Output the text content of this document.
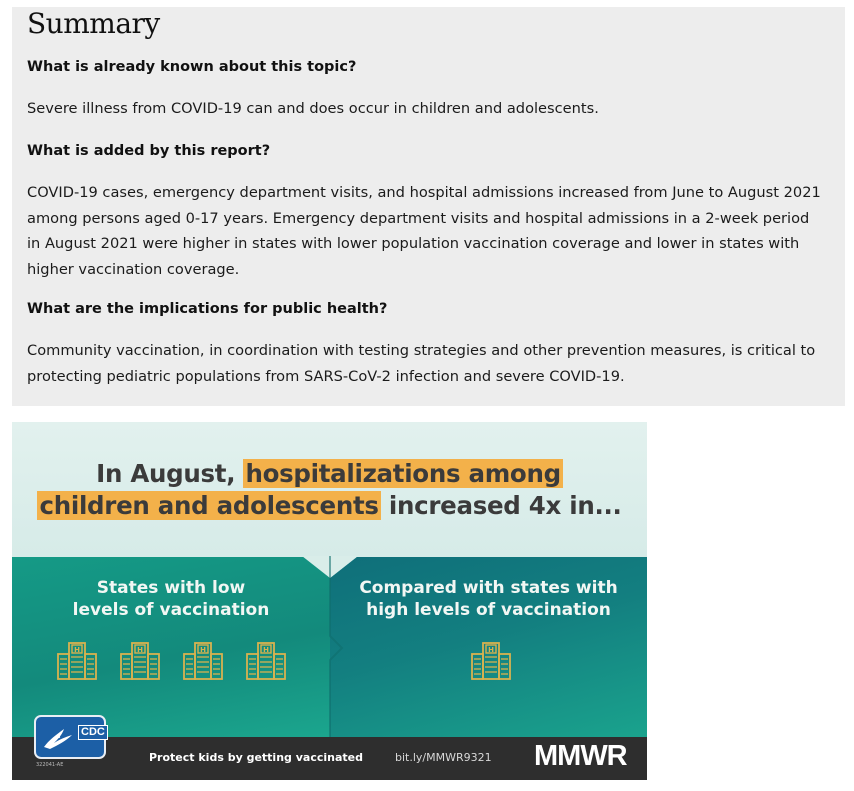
Summary

What is already known about this topic?

Severe illness from COVID-19 can and does occur in children and adolescents.

What is added by this report?

COVID-19 cases, emergency department visits, and hospital admissions increased from June to August 2021 among persons aged 0-17 years. Emergency department visits and hospital admissions in a 2-week period in August 2021 were higher in states with lower population vaccination coverage and lower in states with higher vaccination coverage.

What are the implications for public health?

Community vaccination, in coordination with testing strategies and other prevention measures, is critical to protecting pediatric populations from SARS-CoV-2 infection and severe COVID-19.

In August, hospitalizations among
children and adolescents increased 4x in...
States with low
levels of vaccination
Compared with states with
high levels of vaccination
H	H	H	H	H
Protect kids by getting vaccinated	bit.ly/MMWR9321 MMWR
CDC
322041-AE
